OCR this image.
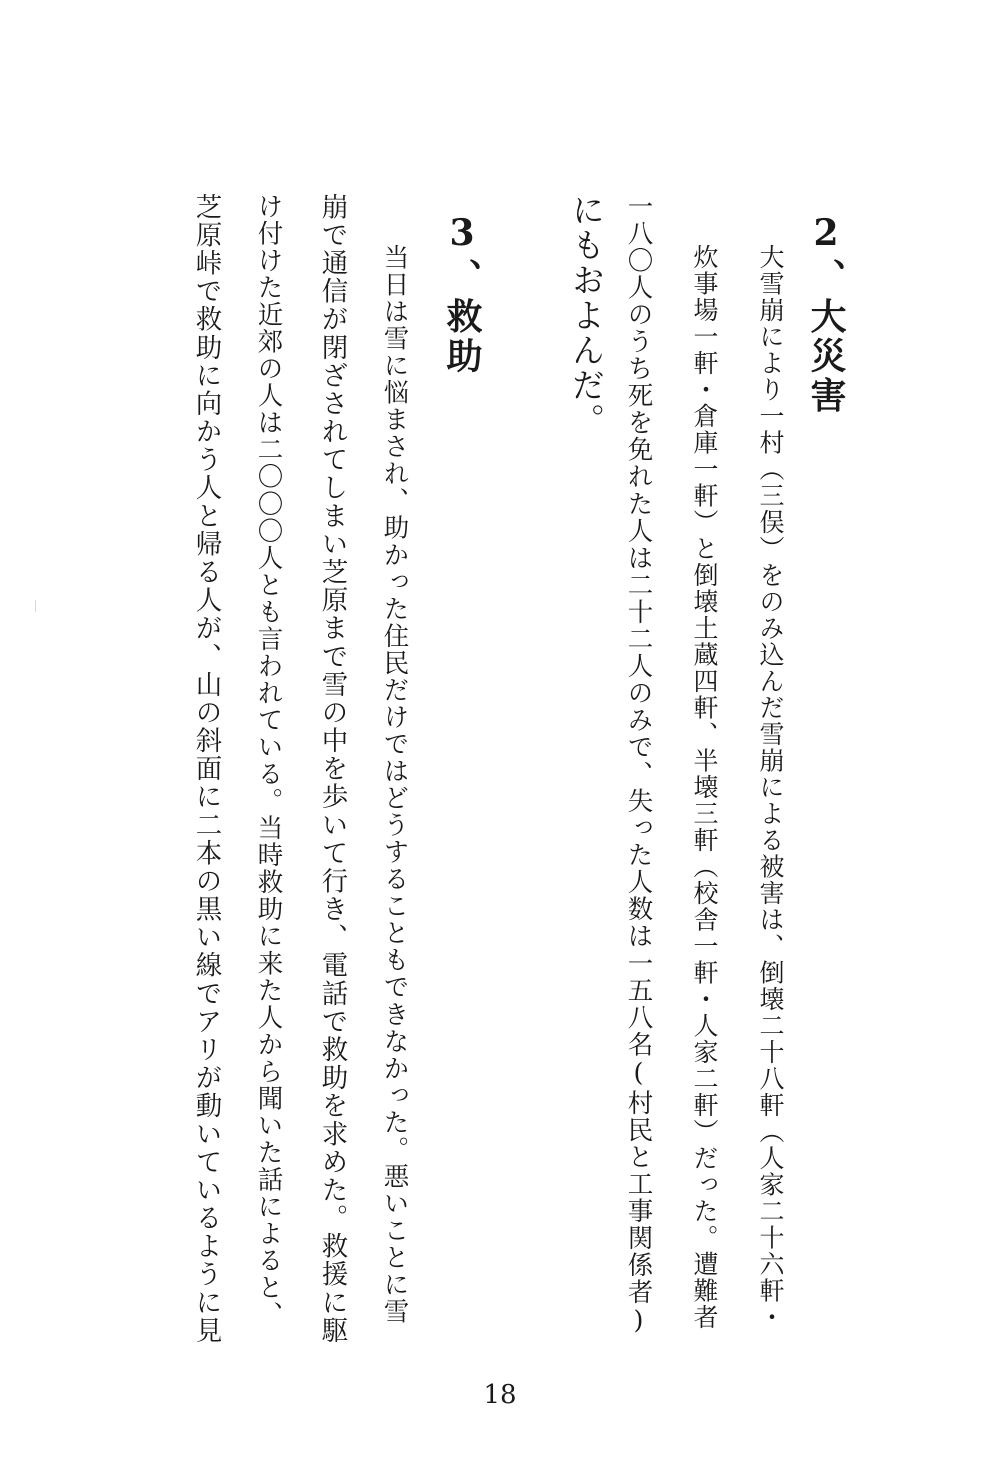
2、大災害
大雪崩により一村（三俣）をのみ込んだ雪崩による被害は、倒壊二十八軒（人家二十六軒・
炊事場一軒・倉庫一軒）と倒壊土蔵四軒、半壊三軒（校舎一軒・人家二軒）だった。遭難者
一八〇人のうち死を免れた人は二十二人のみで、失った人数は一五八名(村民と工事関係者)
にもおよんだ。
3、救助
当日は雪に悩まされ、助かった住民だけではどうすることもできなかった。悪いことに雪
崩で通信が閉ざされてしまい芝原まで雪の中を歩いて行き、電話で救助を求めた。救援に駆
け付けた近郊の人は二〇〇〇人とも言われている。当時救助に来た人から聞いた話によると、
芝原峠で救助に向かう人と帰る人が、山の斜面に二本の黒い線でアリが動いているように見
18
